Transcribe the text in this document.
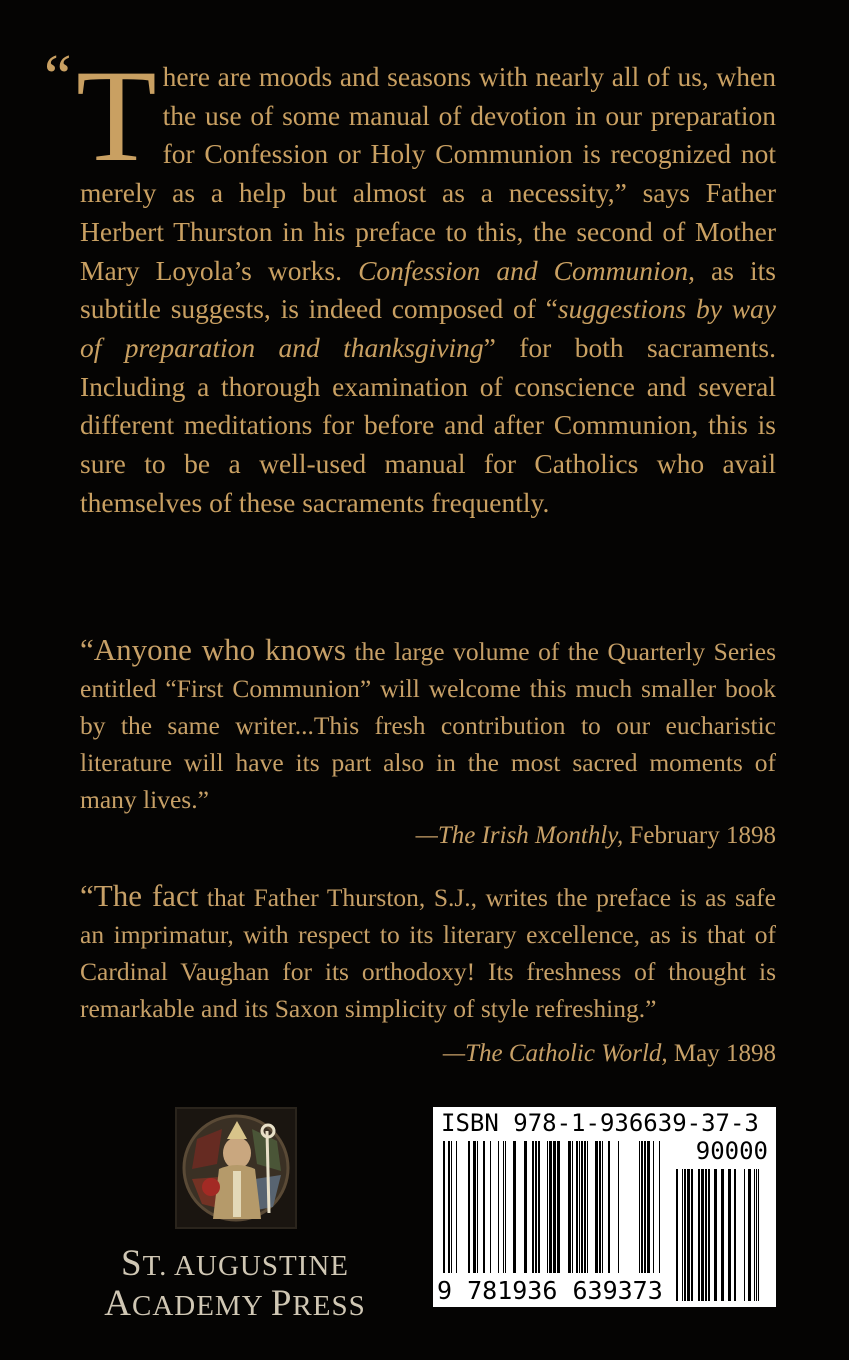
“ There are moods and seasons with nearly all of us, when the use of some manual of devotion in our preparation for Confession or Holy Communion is recognized not merely as a help but almost as a necessity,” says Father Herbert Thurston in his preface to this, the second of Mother Mary Loyola’s works. Confession and Communion, as its subtitle suggests, is indeed composed of “suggestions by way of preparation and thanksgiving” for both sacraments. Including a thorough examination of conscience and several different meditations for before and after Communion, this is sure to be a well-used manual for Catholics who avail themselves of these sacraments frequently.
“Anyone who knows the large volume of the Quarterly Series entitled “First Communion” will welcome this much smaller book by the same writer...This fresh contribution to our eucharistic literature will have its part also in the most sacred moments of many lives.”
—The Irish Monthly, February 1898
“The fact that Father Thurston, S.J., writes the preface is as safe an imprimatur, with respect to its literary excellence, as is that of Cardinal Vaughan for its orthodoxy! Its freshness of thought is remarkable and its Saxon simplicity of style refreshing.”
—The Catholic World, May 1898
ST. AUGUSTINE
ACADEMY PRESS
ISBN 978-1-936639-37-3
90000
9 781936 639373
